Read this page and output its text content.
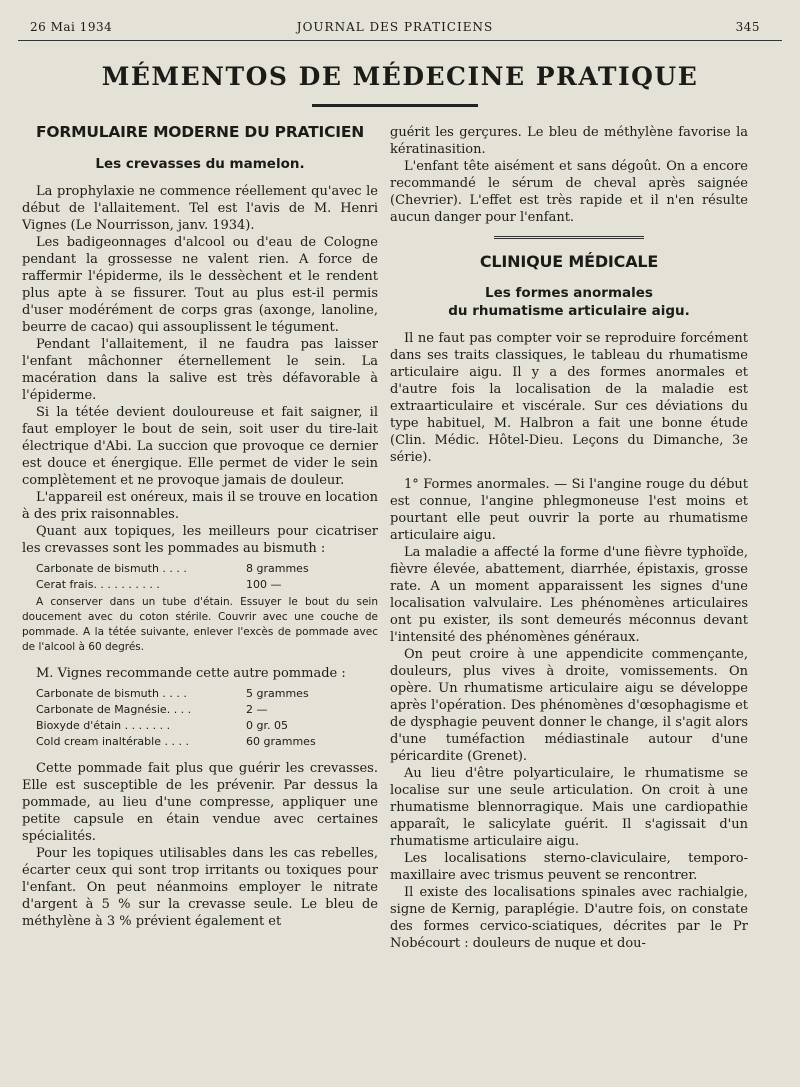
26 Mai 1934	JOURNAL DES PRATICIENS	345
MÉMENTOS DE MÉDECINE PRATIQUE
FORMULAIRE MODERNE DU PRATICIEN
Les crevasses du mamelon.

La prophylaxie ne commence réellement qu'avec le début de l'allaitement. Tel est l'avis de M. Henri Vignes (Le Nourrisson, janv. 1934).

Les badigeonnages d'alcool ou d'eau de Cologne pendant la grossesse ne valent rien. A force de raffermir l'épiderme, ils le dessèchent et le rendent plus apte à se fissurer. Tout au plus est-il permis d'user modérément de corps gras (axonge, lanoline, beurre de cacao) qui assouplissent le tégument.

Pendant l'allaitement, il ne faudra pas laisser l'enfant mâchonner éternellement le sein. La macération dans la salive est très défavorable à l'épiderme.

Si la tétée devient douloureuse et fait saigner, il faut employer le bout de sein, soit user du tire-lait électrique d'Abi. La succion que provoque ce dernier est douce et énergique. Elle permet de vider le sein complètement et ne provoque jamais de douleur.

L'appareil est onéreux, mais il se trouve en location à des prix raisonnables.

Quant aux topiques, les meilleurs pour cicatriser les crevasses sont les pommades au bismuth :

Carbonate de bismuth . . . .	8 grammes
Cerat frais. . . . . . . . . .	100 —
A conserver dans un tube d'étain. Essuyer le bout du sein doucement avec du coton stérile. Couvrir avec une couche de pommade. A la tétée suivante, enlever l'excès de pommade avec de l'alcool à 60 degrés.

M. Vignes recommande cette autre pommade :

Carbonate de bismuth . . . .	5 grammes
Carbonate de Magnésie. . . .	2 —
Bioxyde d'étain . . . . . . .	0 gr. 05
Cold cream inaltérable . . . .	60 grammes

Cette pommade fait plus que guérir les crevasses. Elle est susceptible de les prévenir. Par dessus la pommade, au lieu d'une compresse, appliquer une petite capsule en étain vendue avec certaines spécialités.

Pour les topiques utilisables dans les cas rebelles, écarter ceux qui sont trop irritants ou toxiques pour l'enfant. On peut néanmoins employer le nitrate d'argent à 5 % sur la crevasse seule. Le bleu de méthylène à 3 % prévient également et

guérit les gerçures. Le bleu de méthylène favorise la kératinasition.

L'enfant tête aisément et sans dégoût. On a encore recommandé le sérum de cheval après saignée (Chevrier). L'effet est très rapide et il n'en résulte aucun danger pour l'enfant.

CLINIQUE MÉDICALE
Les formes anormales
du rhumatisme articulaire aigu.

Il ne faut pas compter voir se reproduire forcément dans ses traits classiques, le tableau du rhumatisme articulaire aigu. Il y a des formes anormales et d'autre fois la localisation de la maladie est extraarticulaire et viscérale. Sur ces déviations du type habituel, M. Halbron a fait une bonne étude (Clin. Médic. Hôtel-Dieu. Leçons du Dimanche, 3e série).

1° Formes anormales. — Si l'angine rouge du début est connue, l'angine phlegmoneuse l'est moins et pourtant elle peut ouvrir la porte au rhumatisme articulaire aigu.

La maladie a affecté la forme d'une fièvre typhoïde, fièvre élevée, abattement, diarrhée, épistaxis, grosse rate. A un moment apparaissent les signes d'une localisation valvulaire. Les phénomènes articulaires ont pu exister, ils sont demeurés méconnus devant l'intensité des phénomènes généraux.

On peut croire à une appendicite commençante, douleurs, plus vives à droite, vomissements. On opère. Un rhumatisme articulaire aigu se développe après l'opération. Des phénomènes d'œsophagisme et de dysphagie peuvent donner le change, il s'agit alors d'une tuméfaction médiastinale autour d'une péricardite (Grenet).

Au lieu d'être polyarticulaire, le rhumatisme se localise sur une seule articulation. On croit à une rhumatisme blennorragique. Mais une cardiopathie apparaît, le salicylate guérit. Il s'agissait d'un rhumatisme articulaire aigu.

Les localisations sterno-claviculaire, temporo-maxillaire avec trismus peuvent se rencontrer.

Il existe des localisations spinales avec rachialgie, signe de Kernig, paraplégie. D'autre fois, on constate des formes cervico-sciatiques, décrites par le Pr Nobécourt : douleurs de nuque et dou-
